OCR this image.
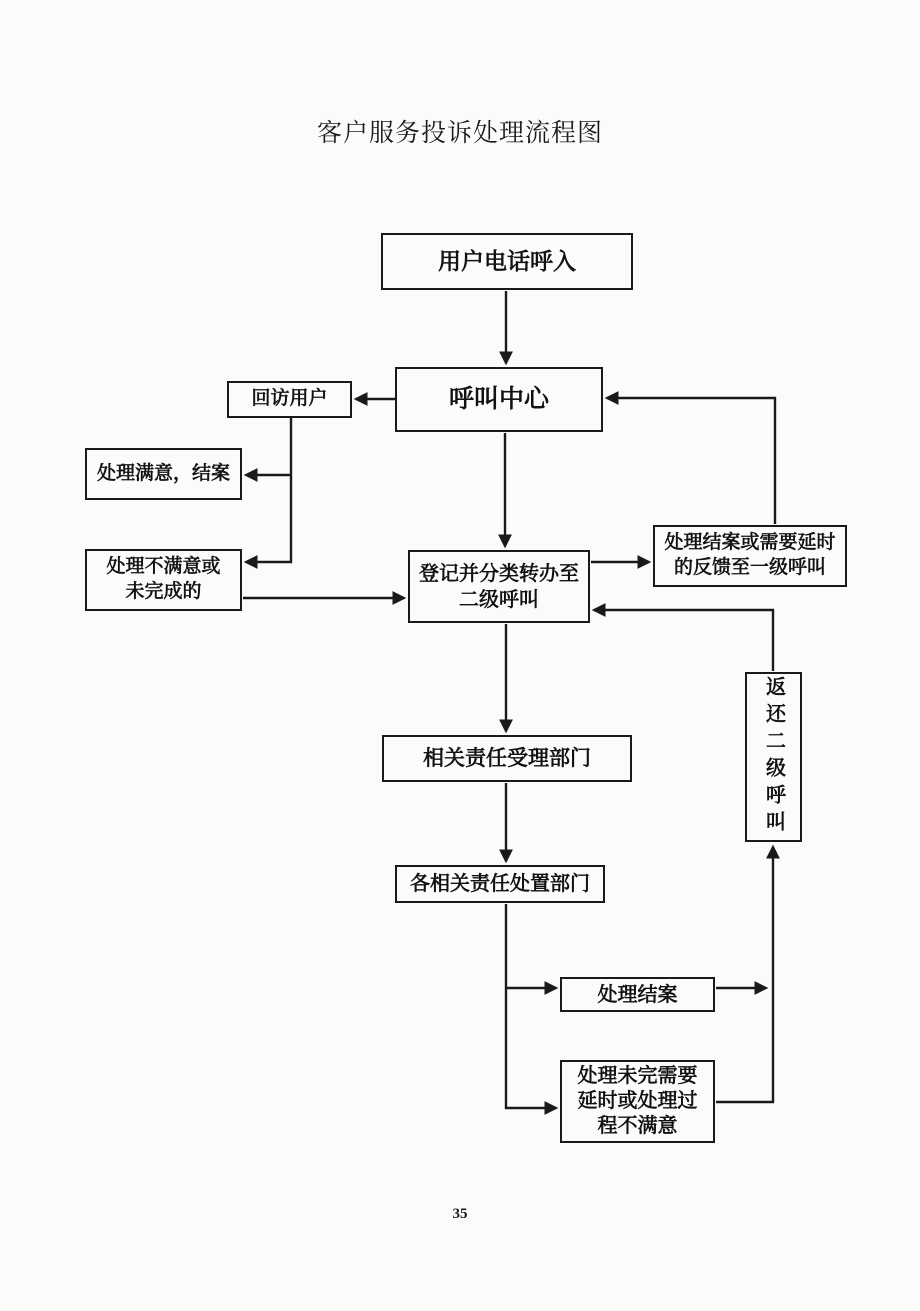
客户服务投诉处理流程图
用户电话呼入
呼叫中心
回访用户
处理满意，结案
处理不满意或
未完成的
登记并分类转办至
二级呼叫
处理结案或需要延时
的反馈至一级呼叫
返还二级呼叫
相关责任受理部门
各相关责任处置部门
处理结案
处理未完需要
延时或处理过
程不满意
35
